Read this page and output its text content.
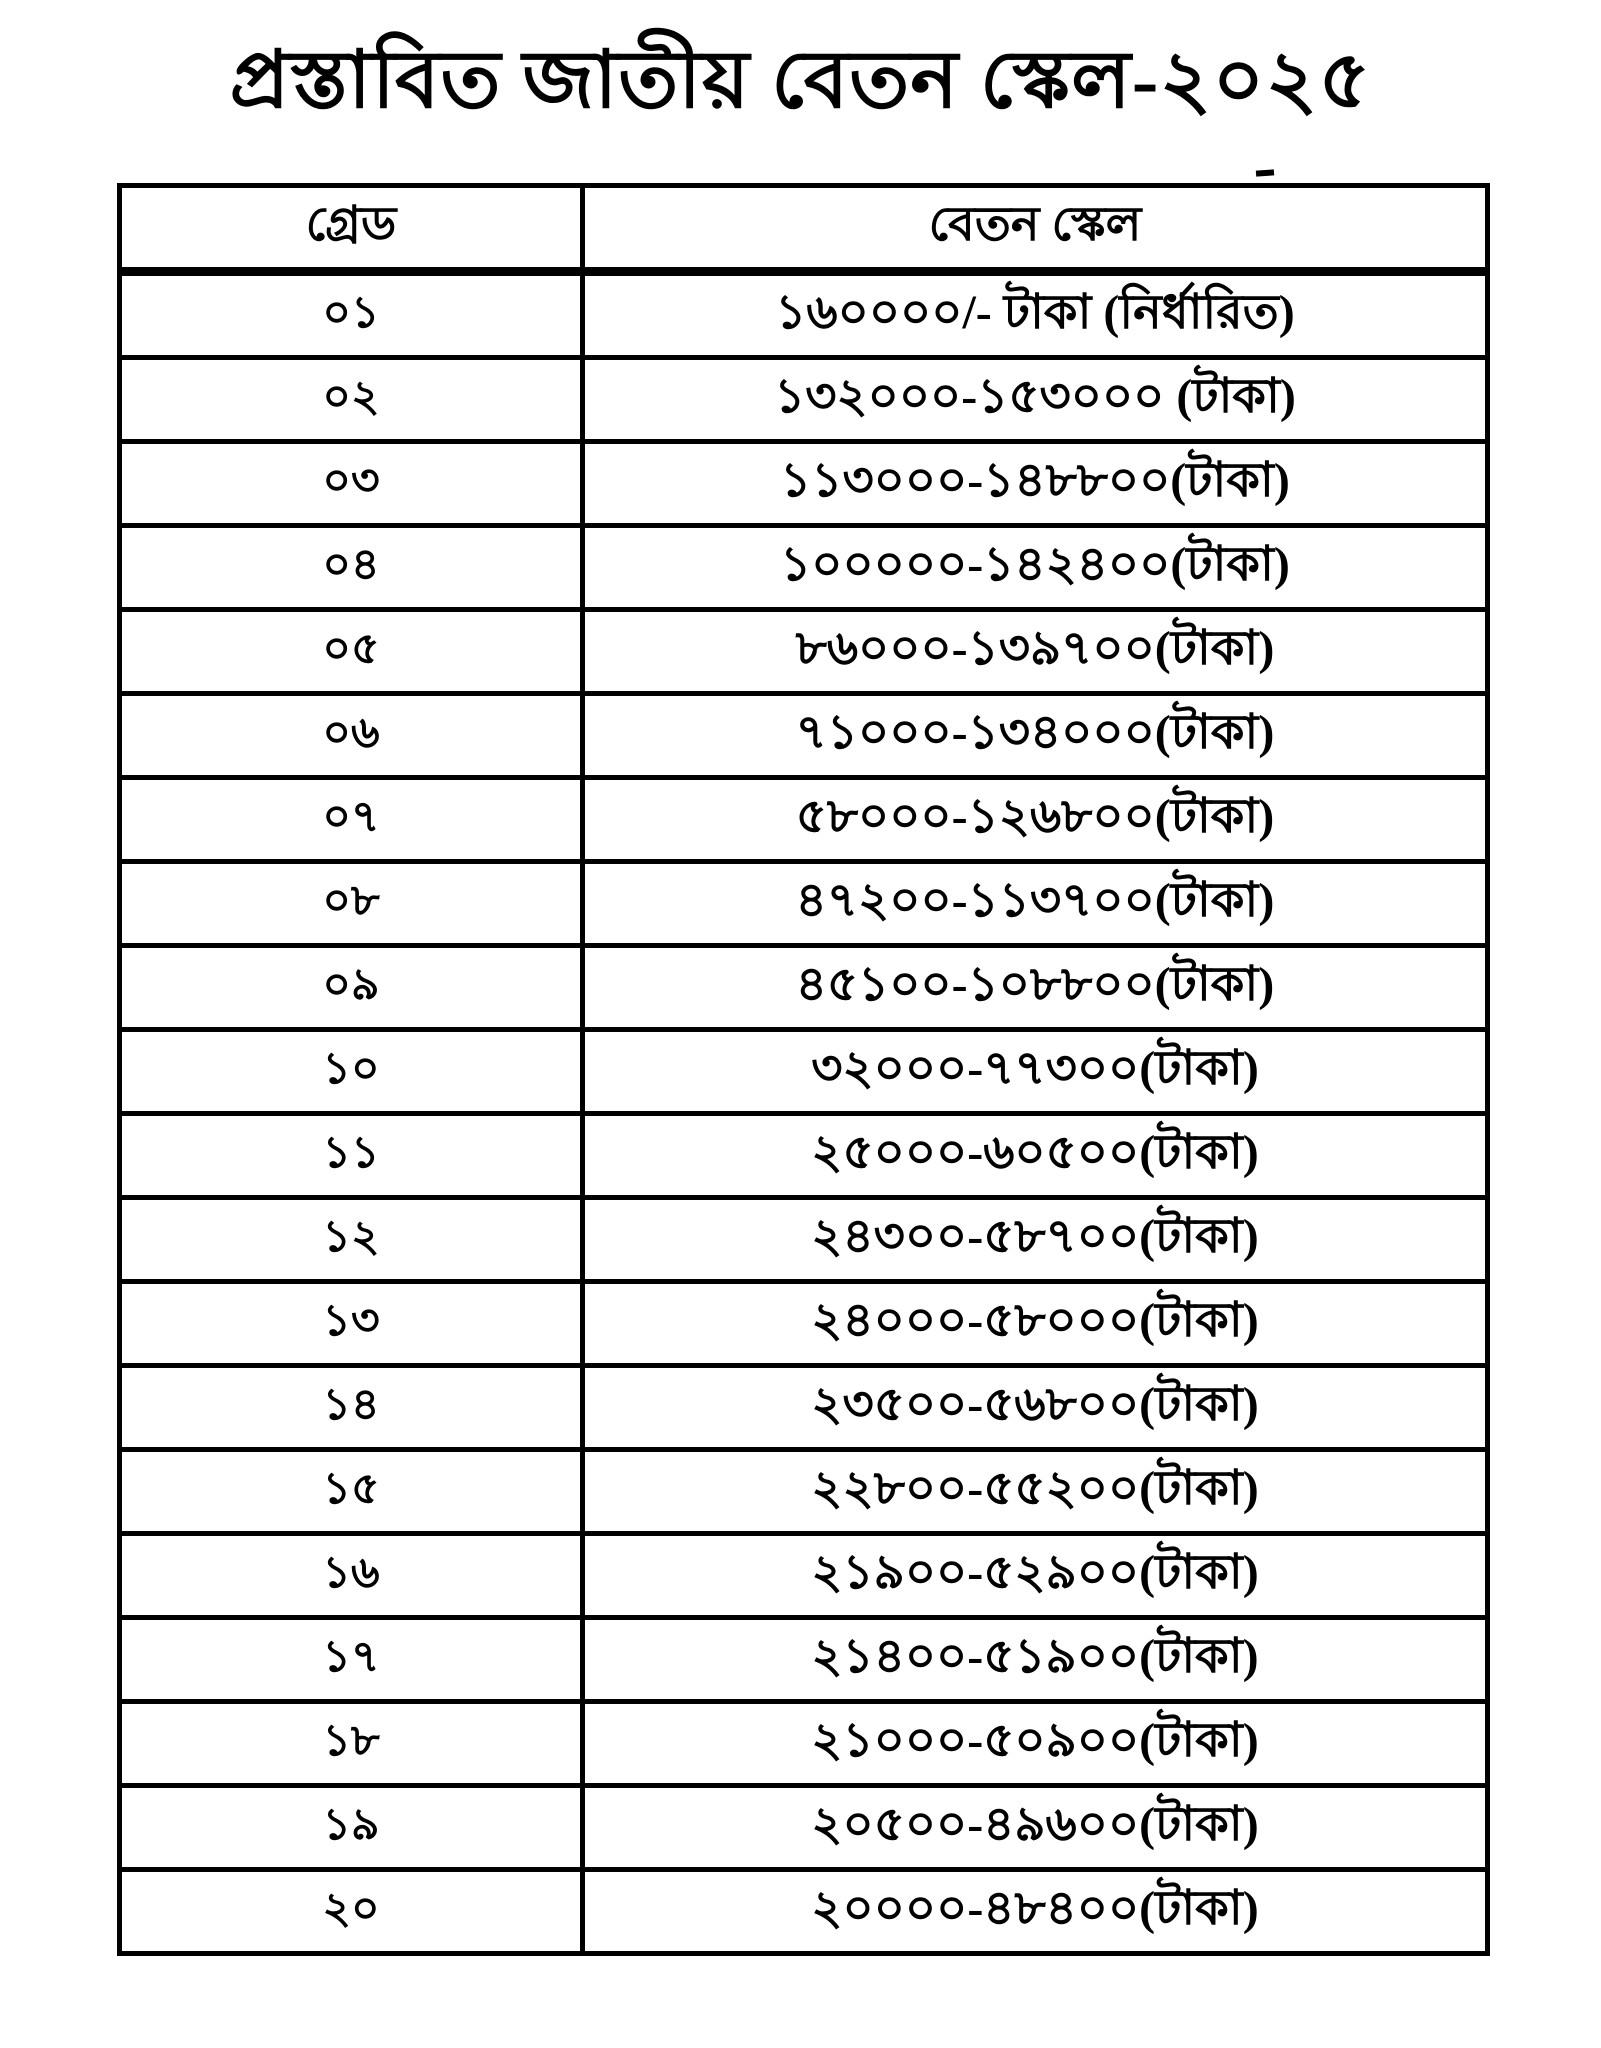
প্রস্তাবিত জাতীয় বেতন স্কেল-২০২৫
গ্রেড	বেতন স্কেল
০১	১৬০০০০/- টাকা (নির্ধারিত)
০২	১৩২০০০-১৫৩০০০ (টাকা)
০৩	১১৩০০০-১৪৮৮০০(টাকা)
০৪	১০০০০০-১৪২৪০০(টাকা)
০৫	৮৬০০০-১৩৯৭০০(টাকা)
০৬	৭১০০০-১৩৪০০০(টাকা)
০৭	৫৮০০০-১২৬৮০০(টাকা)
০৮	৪৭২০০-১১৩৭০০(টাকা)
০৯	৪৫১০০-১০৮৮০০(টাকা)
১০	৩২০০০-৭৭৩০০(টাকা)
১১	২৫০০০-৬০৫০০(টাকা)
১২	২৪৩০০-৫৮৭০০(টাকা)
১৩	২৪০০০-৫৮০০০(টাকা)
১৪	২৩৫০০-৫৬৮০০(টাকা)
১৫	২২৮০০-৫৫২০০(টাকা)
১৬	২১৯০০-৫২৯০০(টাকা)
১৭	২১৪০০-৫১৯০০(টাকা)
১৮	২১০০০-৫০৯০০(টাকা)
১৯	২০৫০০-৪৯৬০০(টাকা)
২০	২০০০০-৪৮৪০০(টাকা)
